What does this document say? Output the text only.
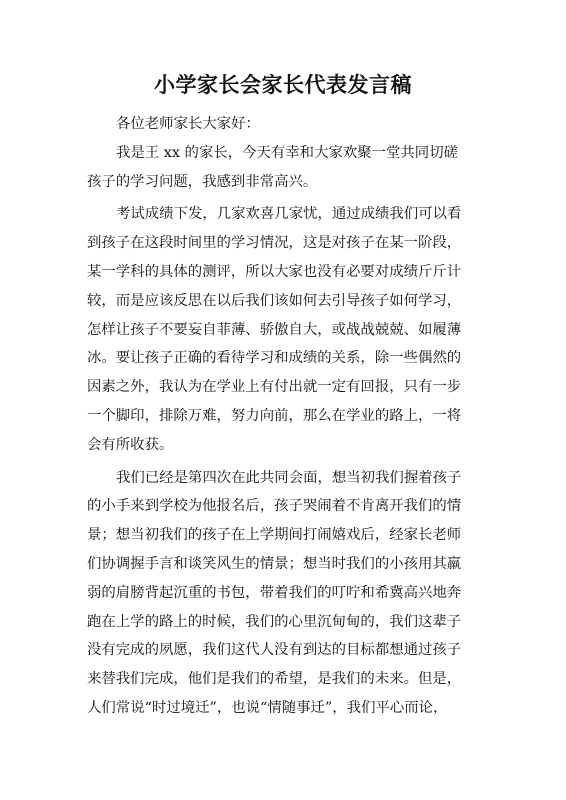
小学家长会家长代表发言稿
各位老师家长大家好：
我是王 xx 的家长，今天有幸和大家欢聚一堂共同切磋
孩子的学习问题，我感到非常高兴。
考试成绩下发，几家欢喜几家忧，通过成绩我们可以看
到孩子在这段时间里的学习情况，这是对孩子在某一阶段，
某一学科的具体的测评，所以大家也没有必要对成绩斤斤计
较，而是应该反思在以后我们该如何去引导孩子如何学习，
怎样让孩子不要妄自菲薄、骄傲自大，或战战兢兢、如履薄
冰。要让孩子正确的看待学习和成绩的关系，除一些偶然的
因素之外，我认为在学业上有付出就一定有回报，只有一步
一个脚印，排除万难，努力向前，那么在学业的路上，一将
会有所收获。
我们已经是第四次在此共同会面，想当初我们握着孩子
的小手来到学校为他报名后，孩子哭闹着不肯离开我们的情
景；想当初我们的孩子在上学期间打闹嬉戏后，经家长老师
们协调握手言和谈笑风生的情景；想当时我们的小孩用其羸
弱的肩膀背起沉重的书包，带着我们的叮咛和希冀高兴地奔
跑在上学的路上的时候，我们的心里沉甸甸的，我们这辈子
没有完成的夙愿，我们这代人没有到达的目标都想通过孩子
来替我们完成，他们是我们的希望，是我们的未来。但是，
人们常说“时过境迁”，也说“情随事迁”，我们平心而论，
